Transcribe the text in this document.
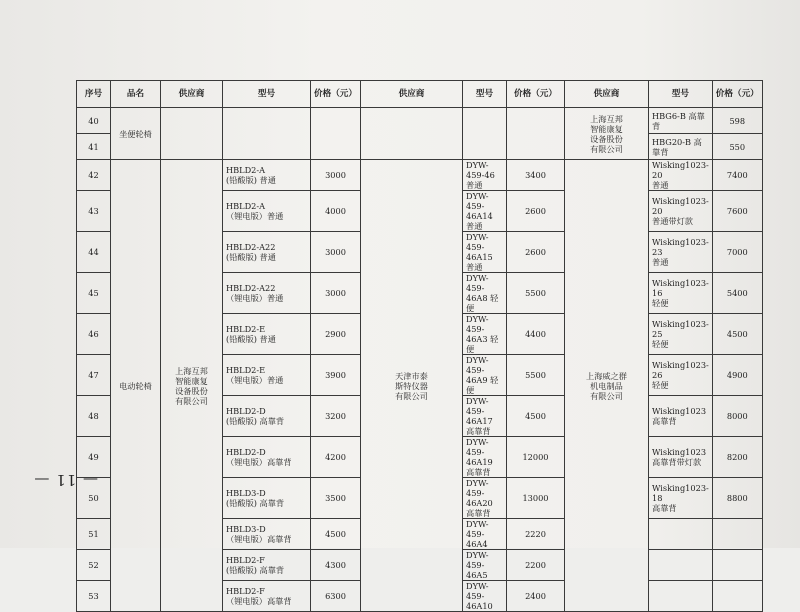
— 11 —
序号	品名	供应商	型号	价格（元）	供应商	型号	价格（元）	供应商	型号	价格（元）
40	坐便轮椅							上海互邦
智能康复
设备股份
有限公司	HBG6-B 高靠背	598
41									HBG20-B 高靠背	550
42	电动轮椅	上海互邦
智能康复
设备股份
有限公司	HBLD2-A
(铅酸版) 普通	3000	天津市泰
斯特仪器
有限公司	DYW-459-46 普通	3400	上海威之群
机电制品
有限公司	Wisking1023-20
普通	7400
43			HBLD2-A
（锂电版）普通	4000		DYW-459-46A14
普通	2600		Wisking1023-20
普通带灯款	7600
44			HBLD2-A22
(铅酸版) 普通	3000		DYW-459-46A15
普通	2600		Wisking1023-23
普通	7000
45			HBLD2-A22
（锂电版）普通	3000		DYW-459-46A8 轻便	5500		Wisking1023-16
轻便	5400
46			HBLD2-E
(铅酸版) 普通	2900		DYW-459-46A3 轻便	4400		Wisking1023-25
轻便	4500
47			HBLD2-E
（锂电版）普通	3900		DYW-459-46A9 轻便	5500		Wisking1023-26
轻便	4900
48			HBLD2-D
(铅酸版) 高靠背	3200		DYW-459-46A17
高靠背	4500		Wisking1023
高靠背	8000
49			HBLD2-D
（锂电版）高靠背	4200		DYW-459-46A19
高靠背	12000		Wisking1023
高靠背带灯款	8200
50			HBLD3-D
(铅酸版) 高靠背	3500		DYW-459-46A20
高靠背	13000		Wisking1023-18
高靠背	8800
51			HBLD3-D
（锂电版）高靠背	4500		DYW-459-46A4	2220			
52			HBLD2-F
(铅酸版) 高靠背	4300		DYW-459-46A5	2200			
53			HBLD2-F
（锂电版）高靠背	6300		DYW-459-46A10	2400			
